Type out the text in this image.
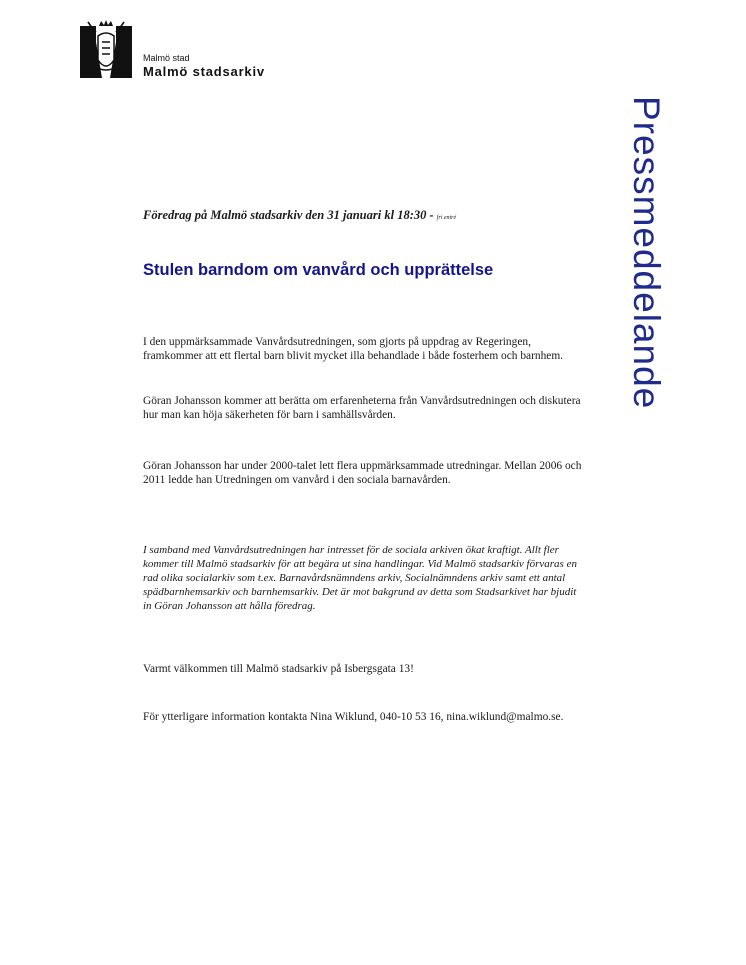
Malmö stad
Malmö stadsarkiv
Pressmeddelande
Föredrag på Malmö stadsarkiv den 31 januari kl 18:30 - fri entré
Stulen barndom om vanvård och upprättelse

I den uppmärksammade Vanvårdsutredningen, som gjorts på uppdrag av Regeringen, framkommer att ett flertal barn blivit mycket illa behandlade i både fosterhem och barnhem.

Göran Johansson kommer att berätta om erfarenheterna från Vanvårdsutredningen och diskutera hur man kan höja säkerheten för barn i samhällsvården.

Göran Johansson har under 2000-talet lett flera uppmärksammade utredningar. Mellan 2006 och 2011 ledde han Utredningen om vanvård i den sociala barnavården.

I samband med Vanvårdsutredningen har intresset för de sociala arkiven ökat kraftigt. Allt fler kommer till Malmö stadsarkiv för att begära ut sina handlingar. Vid Malmö stadsarkiv förvaras en rad olika socialarkiv som t.ex. Barnavårdsnämndens arkiv, Socialnämndens arkiv samt ett antal spädbarnhemsarkiv och barnhemsarkiv. Det är mot bakgrund av detta som Stadsarkivet har bjudit in Göran Johansson att hålla föredrag.

Varmt välkommen till Malmö stadsarkiv på Isbergsgata 13!

För ytterligare information kontakta Nina Wiklund, 040-10 53 16, nina.wiklund@malmo.se.
